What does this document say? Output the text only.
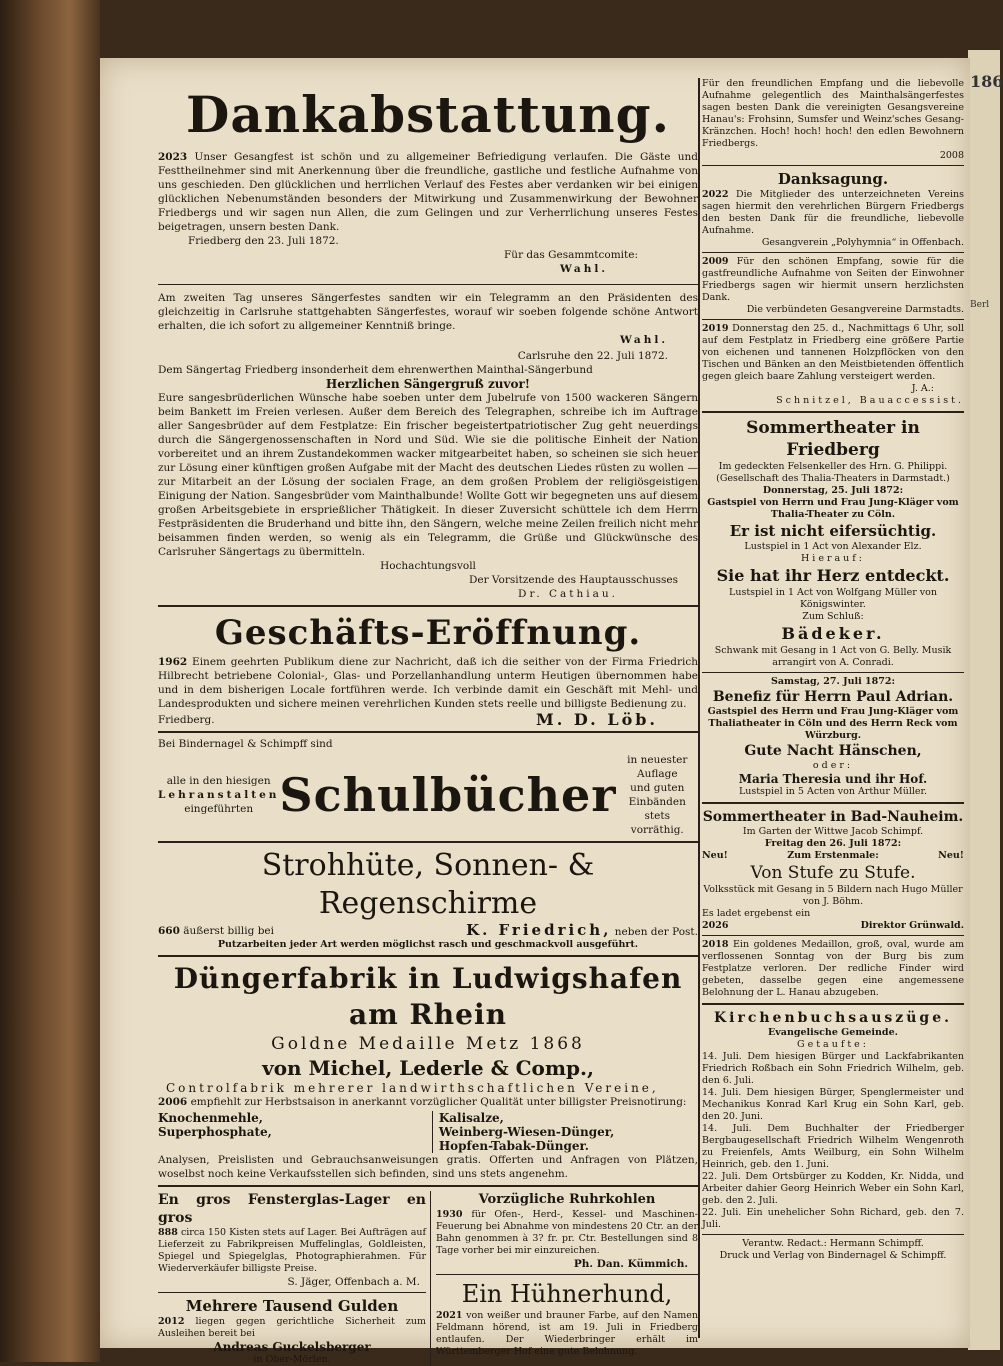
186
Berl
Dankabstattung.

2023 Unser Gesangfest ist schön und zu allgemeiner Befriedigung verlaufen. Die Gäste und Festtheilnehmer sind mit Anerkennung über die freundliche, gastliche und festliche Aufnahme von uns geschieden. Den glücklichen und herrlichen Verlauf des Festes aber verdanken wir bei einigen glücklichen Nebenumständen besonders der Mitwirkung und Zusammenwirkung der Bewohner Friedbergs und wir sagen nun Allen, die zum Gelingen und zur Verherrlichung unseres Festes beigetragen, unsern besten Dank.

Friedberg den 23. Juli 1872.

Für das Gesammtcomite:

Wahl.

Am zweiten Tag unseres Sängerfestes sandten wir ein Telegramm an den Präsidenten des gleichzeitig in Carlsruhe stattgehabten Sängerfestes, worauf wir soeben folgende schöne Antwort erhalten, die ich sofort zu allgemeiner Kenntniß bringe.

Wahl.

Carlsruhe den 22. Juli 1872.

Dem Sängertag Friedberg insonderheit dem ehrenwerthen Mainthal-Sängerbund

Herzlichen Sängergruß zuvor!

Eure sangesbrüderlichen Wünsche habe soeben unter dem Jubelrufe von 1500 wackeren Sängern beim Bankett im Freien verlesen. Außer dem Bereich des Telegraphen, schreibe ich im Auftrage aller Sangesbrüder auf dem Festplatze: Ein frischer begeistertpatriotischer Zug geht neuerdings durch die Sängergenossenschaften in Nord und Süd. Wie sie die politische Einheit der Nation vorbereitet und an ihrem Zustandekommen wacker mitgearbeitet haben, so scheinen sie sich heuer zur Lösung einer künftigen großen Aufgabe mit der Macht des deutschen Liedes rüsten zu wollen — zur Mitarbeit an der Lösung der socialen Frage, an dem großen Problem der religiösgeistigen Einigung der Nation. Sangesbrüder vom Mainthalbunde! Wollte Gott wir begegneten uns auf diesem großen Arbeitsgebiete in ersprießlicher Thätigkeit. In dieser Zuversicht schüttele ich dem Herrn Festpräsidenten die Bruderhand und bitte ihn, den Sängern, welche meine Zeilen freilich nicht mehr beisammen finden werden, so wenig als ein Telegramm, die Grüße und Glückwünsche des Carlsruher Sängertags zu übermitteln.

Hochachtungsvoll

Der Vorsitzende des Hauptausschusses

Dr. Cathiau.

Geschäfts-Eröffnung.

1962 Einem geehrten Publikum diene zur Nachricht, daß ich die seither von der Firma Friedrich Hilbrecht betriebene Colonial-, Glas- und Porzellanhandlung unterm Heutigen übernommen habe und in dem bisherigen Locale fortführen werde. Ich verbinde damit ein Geschäft mit Mehl- und Landesprodukten und sichere meinen verehrlichen Kunden stets reelle und billigste Bedienung zu.

Friedberg.	M. D. Löb.

Bei Bindernagel & Schimpff sind

alle in den hiesigen

Lehranstalten

eingeführten Schulbücher

in neuester Auflage

und guten Einbänden

stets vorräthig.

Strohhüte, Sonnen- & Regenschirme

660 äußerst billig bei	K. Friedrich, neben der Post.

Putzarbeiten jeder Art werden möglichst rasch und geschmackvoll ausgeführt.

Düngerfabrik in Ludwigshafen am Rhein
Goldne Medaille Metz 1868
von Michel, Lederle & Comp.,

Controlfabrik mehrerer landwirthschaftlichen Vereine,

2006 empfiehlt zur Herbstsaison in anerkannt vorzüglicher Qualität unter billigster Preisnotirung:

Knochenmehle,

Superphosphate,

Kalisalze,

Weinberg-Wiesen-Dünger,

Hopfen-Tabak-Dünger.

Analysen, Preislisten und Gebrauchsanweisungen gratis. Offerten und Anfragen von Plätzen, woselbst noch keine Verkaufsstellen sich befinden, sind uns stets angenehm.

En gros Fensterglas-Lager en gros

888 circa 150 Kisten stets auf Lager. Bei Aufträgen auf Lieferzeit zu Fabrikpreisen Muffelinglas, Goldleisten, Spiegel und Spiegelglas, Photographierahmen. Für Wiederverkäufer billigste Preise.

S. Jäger, Offenbach a. M.

Mehrere Tausend Gulden

2012 liegen gegen gerichtliche Sicherheit zum Ausleihen bereit bei

Andreas Guckelsberger

in Ober-Mörlen.

Vorzügliche Ruhrkohlen

1930 für Ofen-, Herd-, Kessel- und Maschinen-Feuerung bei Abnahme von mindestens 20 Ctr. an der Bahn genommen à 3? fr. pr. Ctr. Bestellungen sind 8 Tage vorher bei mir einzureichen.

Ph. Dan. Kümmich.

Ein Hühnerhund,

2021 von weißer und brauner Farbe, auf den Namen Feldmann hörend, ist am 19. Juli in Friedberg entlaufen. Der Wiederbringer erhält im Württemberger Hof eine gute Belohnung.

Für den freundlichen Empfang und die liebevolle Aufnahme gelegentlich des Mainthalsängerfestes sagen besten Dank die vereinigten Gesangsvereine Hanau's: Frohsinn, Sumsfer und Weinz'sches Gesang-Kränzchen. Hoch! hoch! hoch! den edlen Bewohnern Friedbergs.

2008

Danksagung.

2022 Die Mitglieder des unterzeichneten Vereins sagen hiermit den verehrlichen Bürgern Friedbergs den besten Dank für die freundliche, liebevolle Aufnahme.

Gesangverein „Polyhymnia“ in Offenbach.

2009 Für den schönen Empfang, sowie für die gastfreundliche Aufnahme von Seiten der Einwohner Friedbergs sagen wir hiermit unsern herzlichsten Dank.

Die verbündeten Gesangvereine Darmstadts.

2019 Donnerstag den 25. d., Nachmittags 6 Uhr, soll auf dem Festplatz in Friedberg eine größere Partie von eichenen und tannenen Holzpflöcken von den Tischen und Bänken an den Meistbietenden öffentlich gegen gleich baare Zahlung versteigert werden.

J. A.:

Schnitzel, Bauaccessist.

Sommertheater in Friedberg

Im gedeckten Felsenkeller des Hrn. G. Philippi.

(Gesellschaft des Thalia-Theaters in Darmstadt.)

Donnerstag, 25. Juli 1872:

Gastspiel von Herrn und Frau Jung-Kläger vom Thalia-Theater zu Cöln.

Er ist nicht eifersüchtig.

Lustspiel in 1 Act von Alexander Elz.

Hierauf:

Sie hat ihr Herz entdeckt.

Lustspiel in 1 Act von Wolfgang Müller von Königswinter.

Zum Schluß:

Bädeker.

Schwank mit Gesang in 1 Act von G. Belly. Musik arrangirt von A. Conradi.

Samstag, 27. Juli 1872:

Benefiz für Herrn Paul Adrian.

Gastspiel des Herrn und Frau Jung-Kläger vom Thaliatheater in Cöln und des Herrn Reck vom Würzburg.

Gute Nacht Hänschen,

oder:

Maria Theresia und ihr Hof.

Lustspiel in 5 Acten von Arthur Müller.

Sommertheater in Bad-Nauheim.

Im Garten der Wittwe Jacob Schimpf.

Freitag den 26. Juli 1872:

Neu!	Zum Erstenmale:	Neu!

Von Stufe zu Stufe.

Volksstück mit Gesang in 5 Bildern nach Hugo Müller von J. Böhm.

Es ladet ergebenst ein

2026	Direktor Grünwald.

2018 Ein goldenes Medaillon, groß, oval, wurde am verflossenen Sonntag von der Burg bis zum Festplatze verloren. Der redliche Finder wird gebeten, dasselbe gegen eine angemessene Belohnung der L. Hanau abzugeben.

Kirchenbuchsauszüge.

Evangelische Gemeinde.

Getaufte:

14. Juli. Dem hiesigen Bürger und Lackfabrikanten Friedrich Roßbach ein Sohn Friedrich Wilhelm, geb. den 6. Juli.

14. Juli. Dem hiesigen Bürger, Spenglermeister und Mechanikus Konrad Karl Krug ein Sohn Karl, geb. den 20. Juni.

14. Juli. Dem Buchhalter der Friedberger Bergbaugesellschaft Friedrich Wilhelm Wengenroth zu Freienfels, Amts Weilburg, ein Sohn Wilhelm Heinrich, geb. den 1. Juni.

22. Juli. Dem Ortsbürger zu Kodden, Kr. Nidda, und Arbeiter dahier Georg Heinrich Weber ein Sohn Karl, geb. den 2. Juli.

22. Juli. Ein unehelicher Sohn Richard, geb. den 7. Juli.

Verantw. Redact.: Hermann Schimpff.

Druck und Verlag von Bindernagel & Schimpff.
